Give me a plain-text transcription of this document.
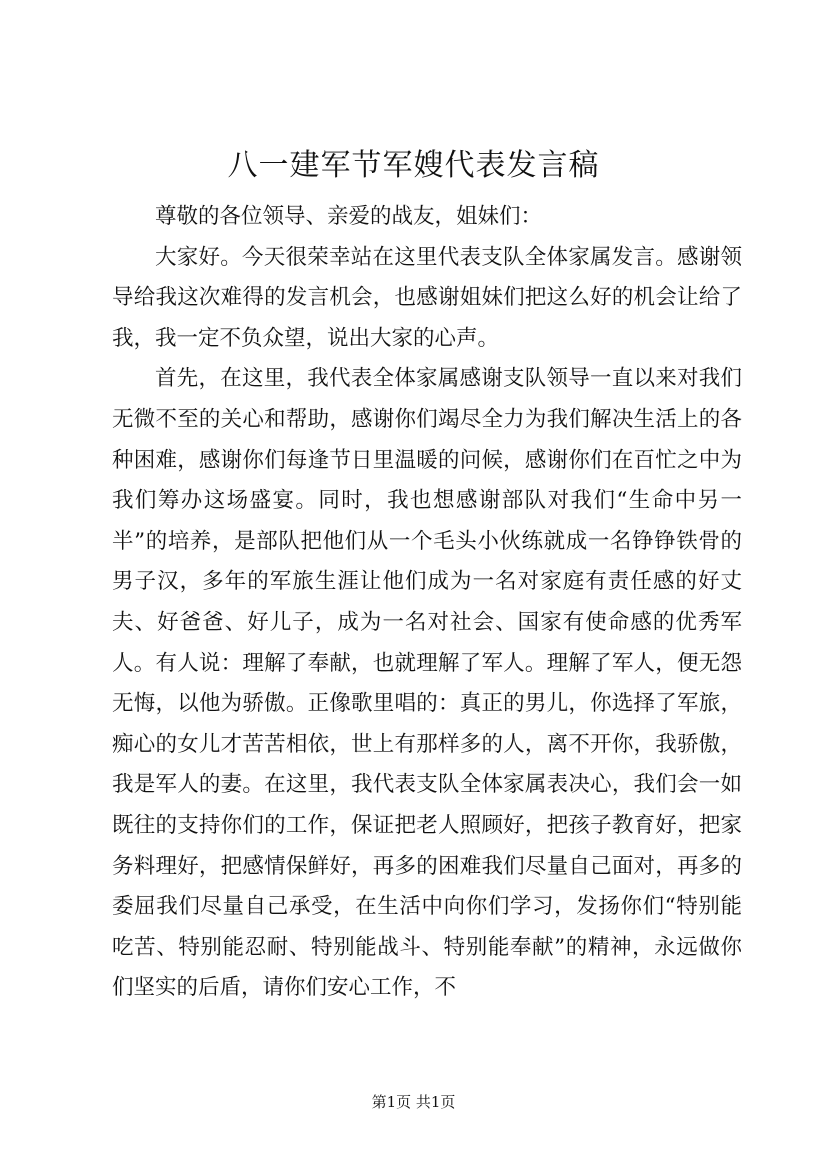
八一建军节军嫂代表发言稿

尊敬的各位领导、亲爱的战友，姐妹们：

大家好。今天很荣幸站在这里代表支队全体家属发言。感谢领导给我这次难得的发言机会，也感谢姐妹们把这么好的机会让给了我，我一定不负众望，说出大家的心声。

首先，在这里，我代表全体家属感谢支队领导一直以来对我们无微不至的关心和帮助，感谢你们竭尽全力为我们解决生活上的各种困难，感谢你们每逢节日里温暖的问候，感谢你们在百忙之中为我们筹办这场盛宴。同时，我也想感谢部队对我们“生命中另一半”的培养，是部队把他们从一个毛头小伙练就成一名铮铮铁骨的男子汉，多年的军旅生涯让他们成为一名对家庭有责任感的好丈夫、好爸爸、好儿子，成为一名对社会、国家有使命感的优秀军人。有人说：理解了奉献，也就理解了军人。理解了军人，便无怨无悔，以他为骄傲。正像歌里唱的：真正的男儿，你选择了军旅，痴心的女儿才苦苦相依，世上有那样多的人，离不开你，我骄傲，我是军人的妻。在这里，我代表支队全体家属表决心，我们会一如既往的支持你们的工作，保证把老人照顾好，把孩子教育好，把家务料理好，把感情保鲜好，再多的困难我们尽量自己面对，再多的委屈我们尽量自己承受，在生活中向你们学习，发扬你们“特别能吃苦、特别能忍耐、特别能战斗、特别能奉献”的精神，永远做你们坚实的后盾，请你们安心工作，不

第1页 共1页
